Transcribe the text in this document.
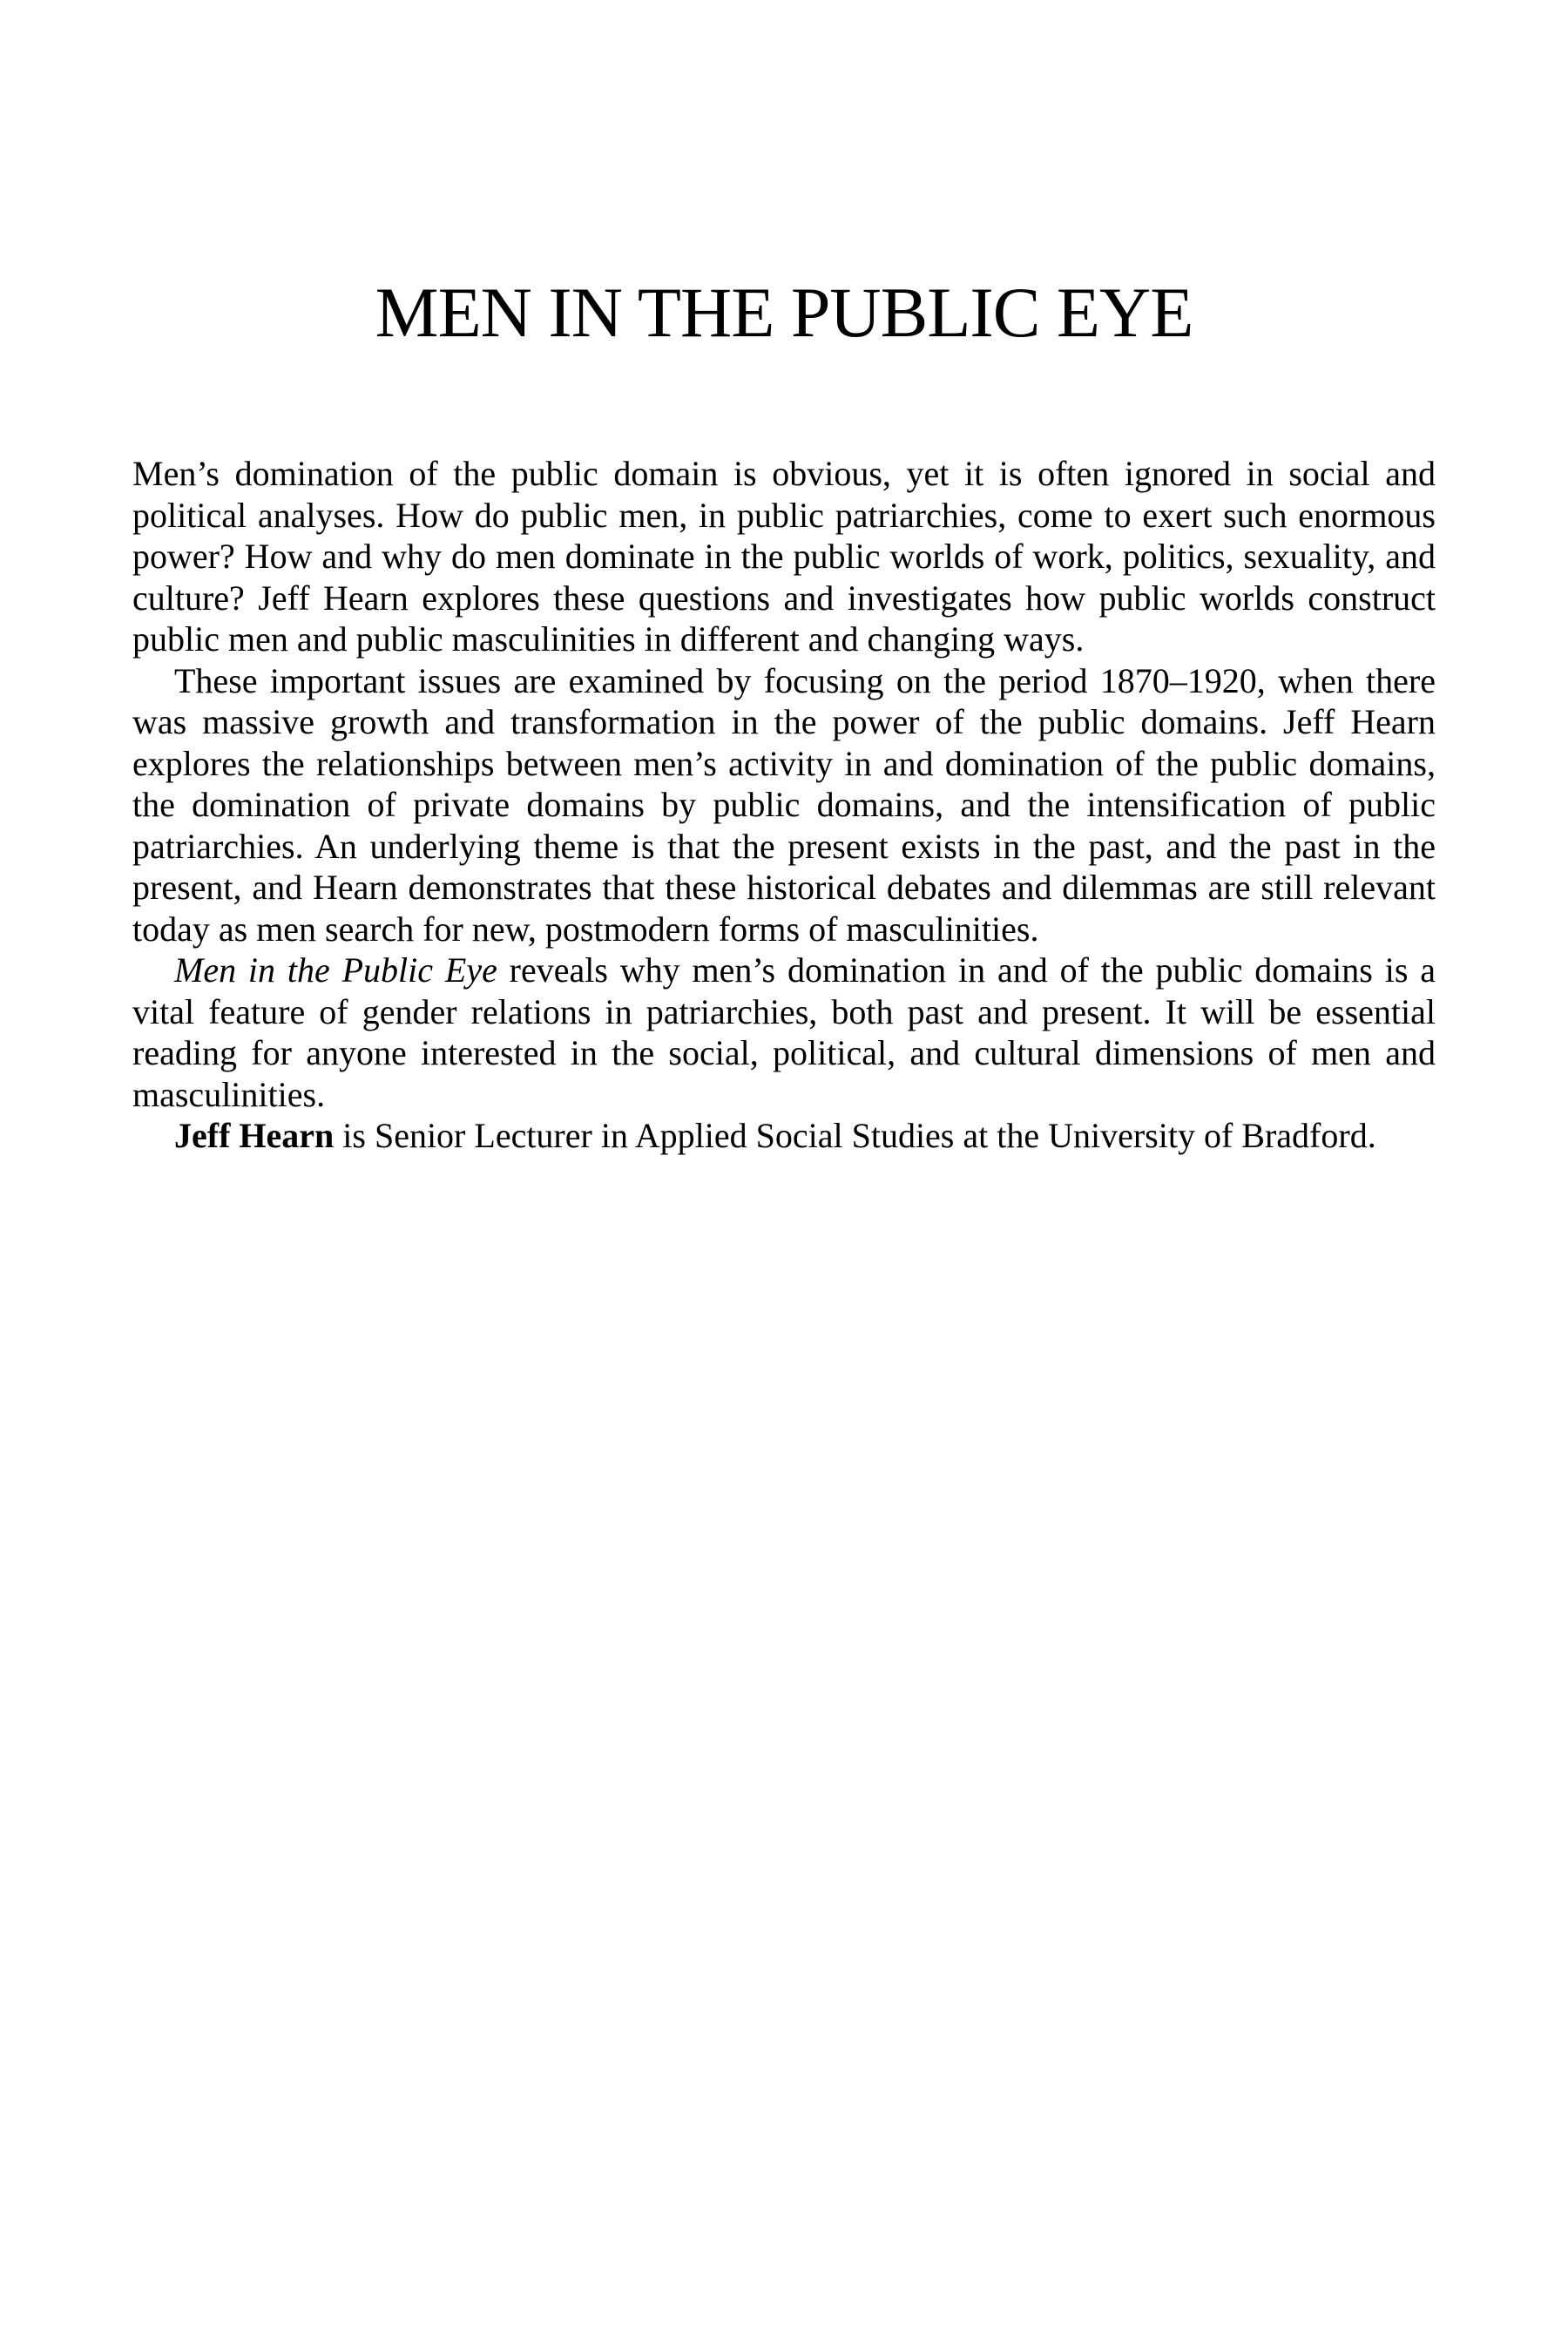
MEN IN THE PUBLIC EYE

Men’s domination of the public domain is obvious, yet it is often ignored in social and political analyses. How do public men, in public patriarchies, come to exert such enormous power? How and why do men dominate in the public worlds of work, politics, sexuality, and culture? Jeff Hearn explores these questions and investigates how public worlds construct public men and public masculinities in different and changing ways.

These important issues are examined by focusing on the period 1870–1920, when there was massive growth and transformation in the power of the public domains. Jeff Hearn explores the relationships between men’s activity in and domination of the public domains, the domination of private domains by public domains, and the intensification of public patriarchies. An underlying theme is that the present exists in the past, and the past in the present, and Hearn demonstrates that these historical debates and dilemmas are still relevant today as men search for new, postmodern forms of masculinities.

Men in the Public Eye reveals why men’s domination in and of the public domains is a vital feature of gender relations in patriarchies, both past and present. It will be essential reading for anyone interested in the social, political, and cultural dimensions of men and masculinities.

Jeff Hearn is Senior Lecturer in Applied Social Studies at the University of Bradford.
